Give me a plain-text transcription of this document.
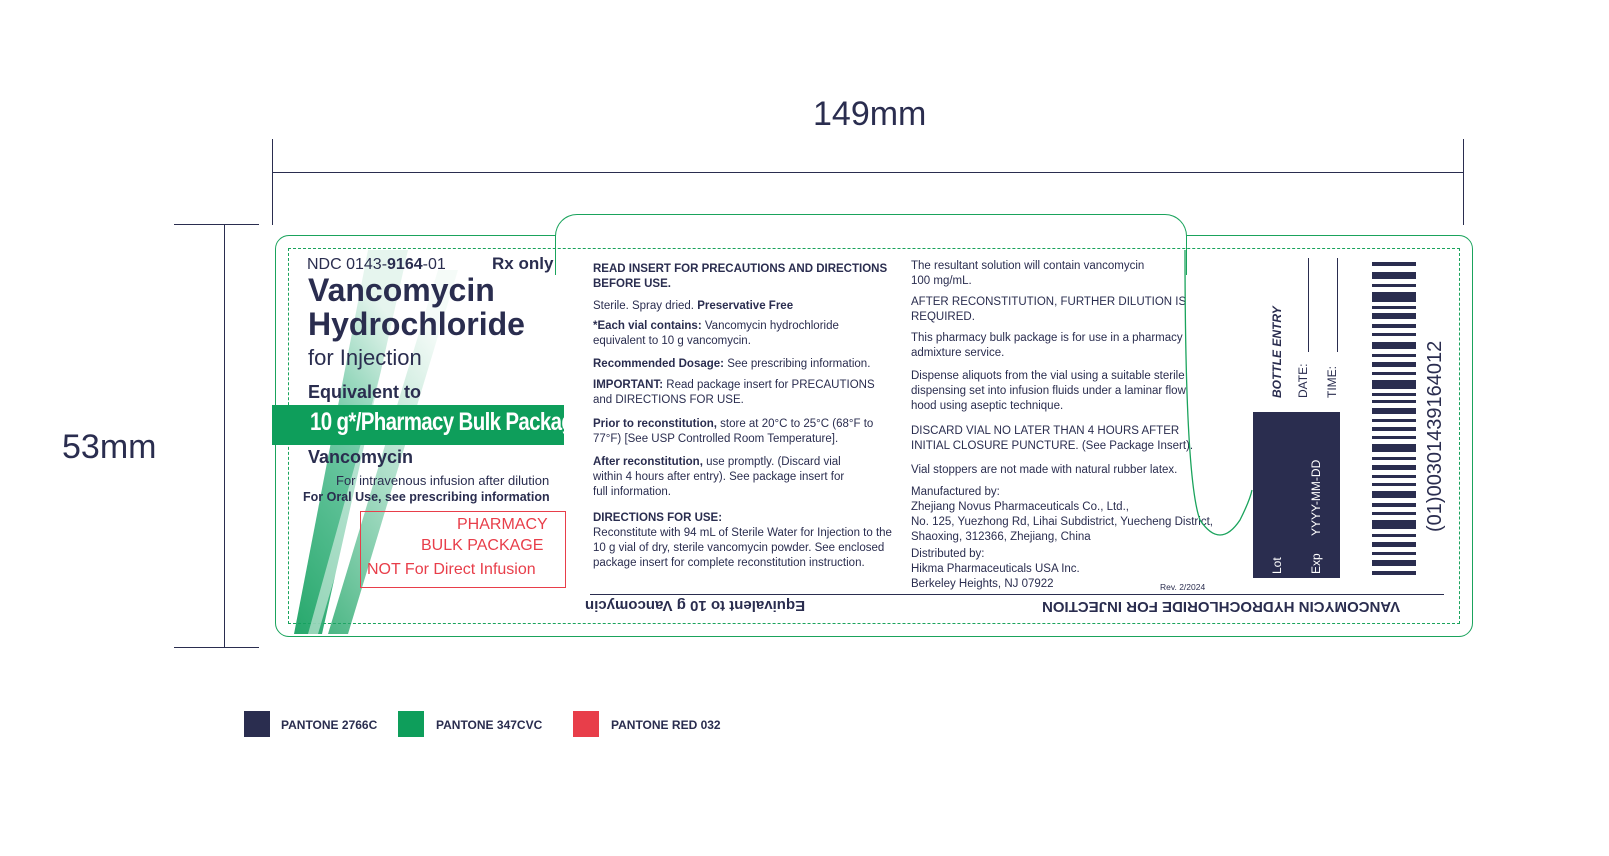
149mm
53mm
NDC 0143-9164-01	Rx only
Vancomycin
Hydrochloride
for Injection
Equivalent to
10 g*/Pharmacy Bulk Package
Vancomycin
For intravenous infusion after dilution
For Oral Use, see prescribing information
PHARMACY
BULK PACKAGE
NOT For Direct Infusion
READ INSERT FOR PRECAUTIONS AND DIRECTIONS BEFORE USE.
Sterile. Spray dried. Preservative Free
*Each vial contains: Vancomycin hydrochloride equivalent to 10 g vancomycin.
Recommended Dosage: See prescribing information.
IMPORTANT: Read package insert for PRECAUTIONS and DIRECTIONS FOR USE.
Prior to reconstitution, store at 20°C to 25°C (68°F to 77°F) [See USP Controlled Room Temperature].
After reconstitution, use promptly. (Discard vial within 4 hours after entry). See package insert for full information.
DIRECTIONS FOR USE:
Reconstitute with 94 mL of Sterile Water for Injection to the 10 g vial of dry, sterile vancomycin powder. See enclosed package insert for complete reconstitution instruction.
The resultant solution will contain vancomycin 100 mg/mL.
AFTER RECONSTITUTION, FURTHER DILUTION IS REQUIRED.
This pharmacy bulk package is for use in a pharmacy admixture service.
Dispense aliquots from the vial using a suitable sterile dispensing set into infusion fluids under a laminar flow hood using aseptic technique.
DISCARD VIAL NO LATER THAN 4 HOURS AFTER INITIAL CLOSURE PUNCTURE. (See Package Insert).
Vial stoppers are not made with natural rubber latex.
Manufactured by:
Zhejiang Novus Pharmaceuticals Co., Ltd.,
No. 125, Yuezhong Rd, Lihai Subdistrict, Yuecheng District,
Shaoxing, 312366, Zhejiang, China
Distributed by:
Hikma Pharmaceuticals USA Inc.
Berkeley Heights, NJ 07922	Rev. 2/2024
BOTTLE ENTRY DATE: TIME:
Lot Exp
YYYY-MM-DD	(01)00301439164012
Equivalent to 10 g Vancomycin	VANCOMYCIN HYDROCHLORIDE FOR INJECTION
PANTONE 2766C	PANTONE 347CVC	PANTONE RED 032
